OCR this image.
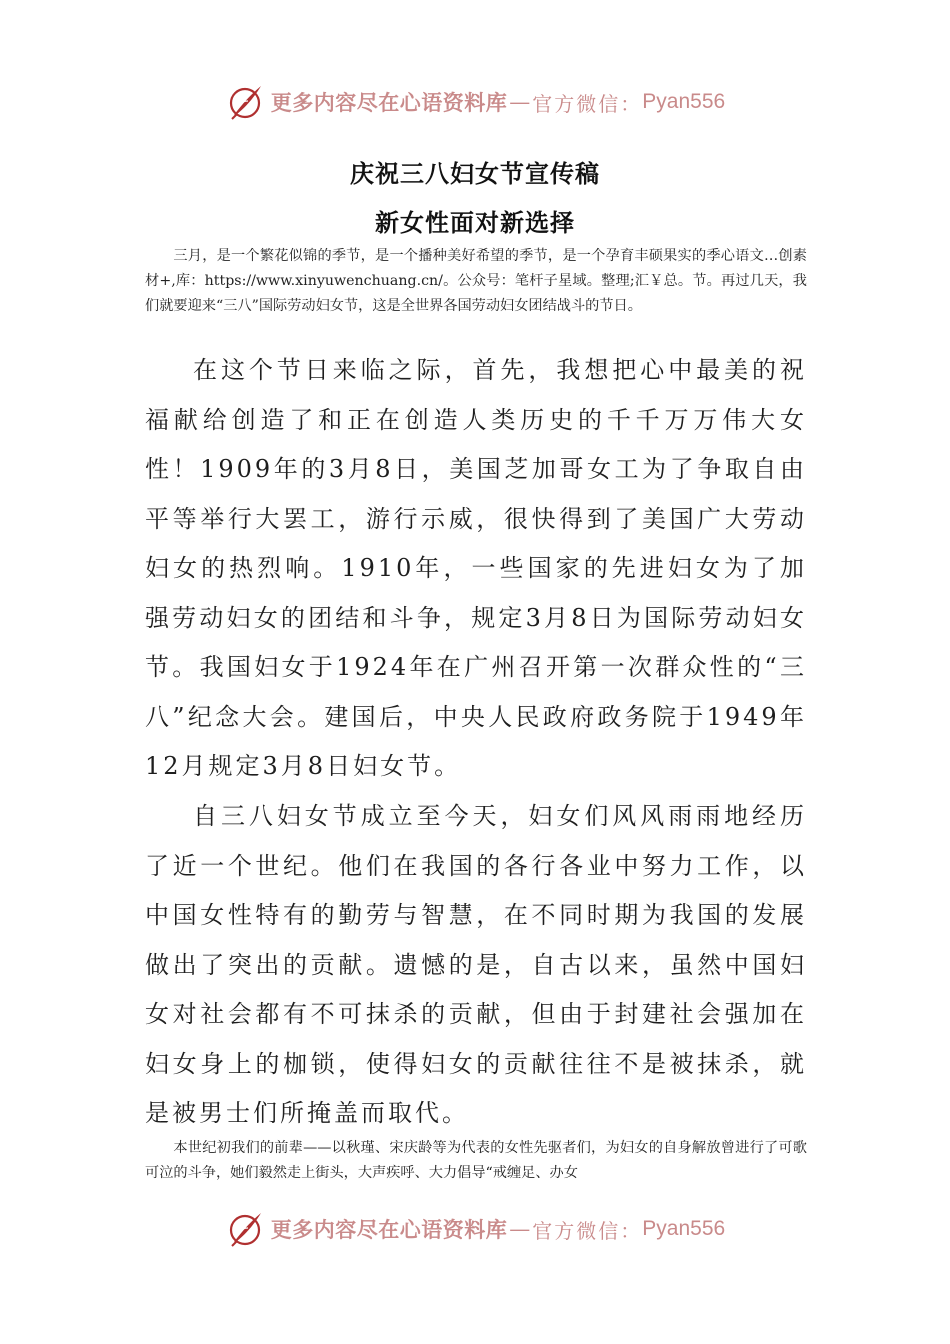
更多内容尽在心语资料库 — 官方微信： Pyan556
庆祝三八妇女节宣传稿
新女性面对新选择

三月，是一个繁花似锦的季节，是一个播种美好希望的季节，是一个孕育丰硕果实的季心语文…创素材+,库：https://www.xinyuwenchuang.cn/。公众号：笔杆子星域。整理;汇￥总。节。再过几天，我们就要迎来“三八”国际劳动妇女节，这是全世界各国劳动妇女团结战斗的节日。

在这个节日来临之际，首先，我想把心中最美的祝福献给创造了和正在创造人类历史的千千万万伟大女性！1909年的3月8日，美国芝加哥女工为了争取自由平等举行大罢工，游行示威，很快得到了美国广大劳动妇女的热烈响。1910年，一些国家的先进妇女为了加强劳动妇女的团结和斗争，规定3月8日为国际劳动妇女节。我国妇女于1924年在广州召开第一次群众性的“三八”纪念大会。建国后，中央人民政府政务院于1949年12月规定3月8日妇女节。

自三八妇女节成立至今天，妇女们风风雨雨地经历了近一个世纪。他们在我国的各行各业中努力工作，以中国女性特有的勤劳与智慧，在不同时期为我国的发展做出了突出的贡献。遗憾的是，自古以来，虽然中国妇女对社会都有不可抹杀的贡献，但由于封建社会强加在妇女身上的枷锁，使得妇女的贡献往往不是被抹杀，就是被男士们所掩盖而取代。

本世纪初我们的前辈——以秋瑾、宋庆龄等为代表的女性先驱者们，为妇女的自身解放曾进行了可歌可泣的斗争，她们毅然走上街头，大声疾呼、大力倡导“戒缠足、办女

更多内容尽在心语资料库 — 官方微信： Pyan556
